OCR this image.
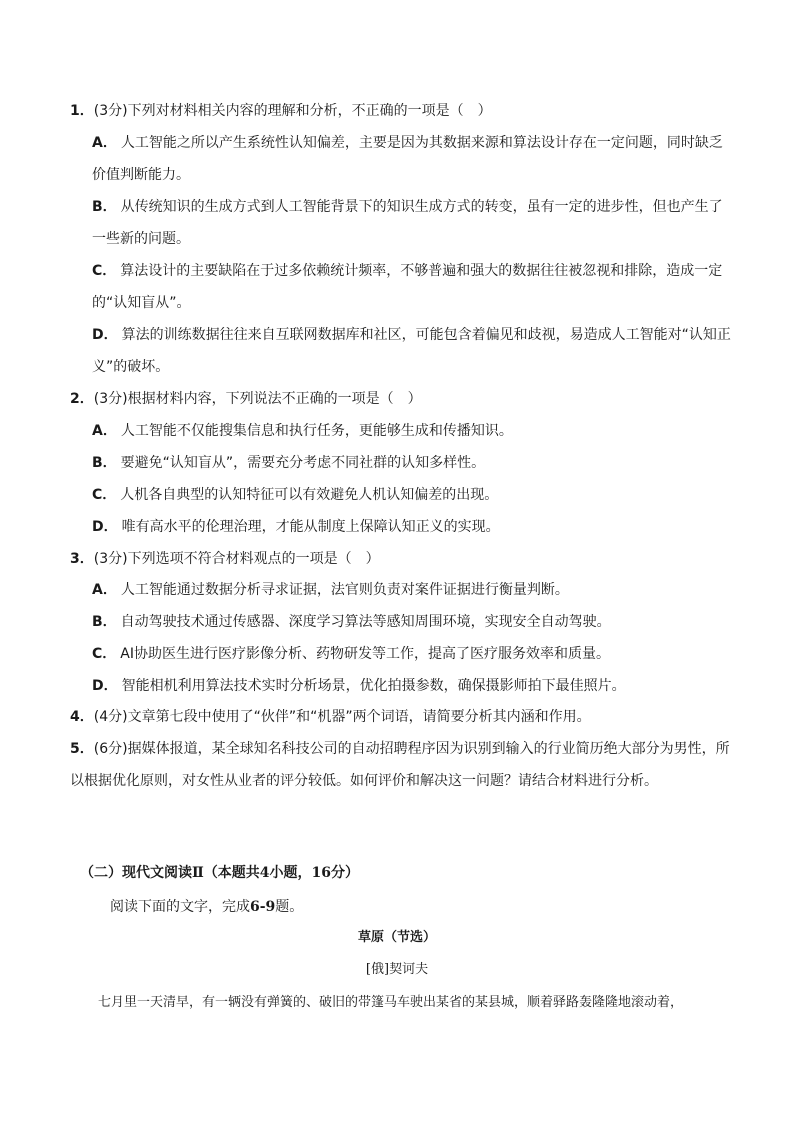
1．(3分)下列对材料相关内容的理解和分析，不正确的一项是（　）
A． 人工智能之所以产生系统性认知偏差，主要是因为其数据来源和算法设计存在一定问题，同时缺乏
价值判断能力。
B． 从传统知识的生成方式到人工智能背景下的知识生成方式的转变，虽有一定的进步性，但也产生了
一些新的问题。
C． 算法设计的主要缺陷在于过多依赖统计频率，不够普遍和强大的数据往往被忽视和排除，造成一定
的“认知盲从”。
D． 算法的训练数据往往来自互联网数据库和社区，可能包含着偏见和歧视，易造成人工智能对“认知正
义”的破坏。
2．(3分)根据材料内容，下列说法不正确的一项是（　）
A． 人工智能不仅能搜集信息和执行任务，更能够生成和传播知识。
B． 要避免“认知盲从”，需要充分考虑不同社群的认知多样性。
C． 人机各自典型的认知特征可以有效避免人机认知偏差的出现。
D． 唯有高水平的伦理治理，才能从制度上保障认知正义的实现。
3．(3分)下列选项不符合材料观点的一项是（　）
A． 人工智能通过数据分析寻求证据，法官则负责对案件证据进行衡量判断。
B． 自动驾驶技术通过传感器、深度学习算法等感知周围环境，实现安全自动驾驶。
C． AI协助医生进行医疗影像分析、药物研发等工作，提高了医疗服务效率和质量。
D． 智能相机利用算法技术实时分析场景，优化拍摄参数，确保摄影师拍下最佳照片。
4．(4分)文章第七段中使用了“伙伴”和“机器”两个词语，请简要分析其内涵和作用。
5．(6分)据媒体报道，某全球知名科技公司的自动招聘程序因为识别到输入的行业简历绝大部分为男性，所
以根据优化原则，对女性从业者的评分较低。如何评价和解决这一问题？请结合材料进行分析。
（二）现代文阅读Ⅱ（本题共4小题，16分）
阅读下面的文字，完成6-9题。
草原（节选）
[俄]契诃夫
七月里一天清早，有一辆没有弹簧的、破旧的带篷马车驶出某省的某县城，顺着驿路轰隆隆地滚动着，
